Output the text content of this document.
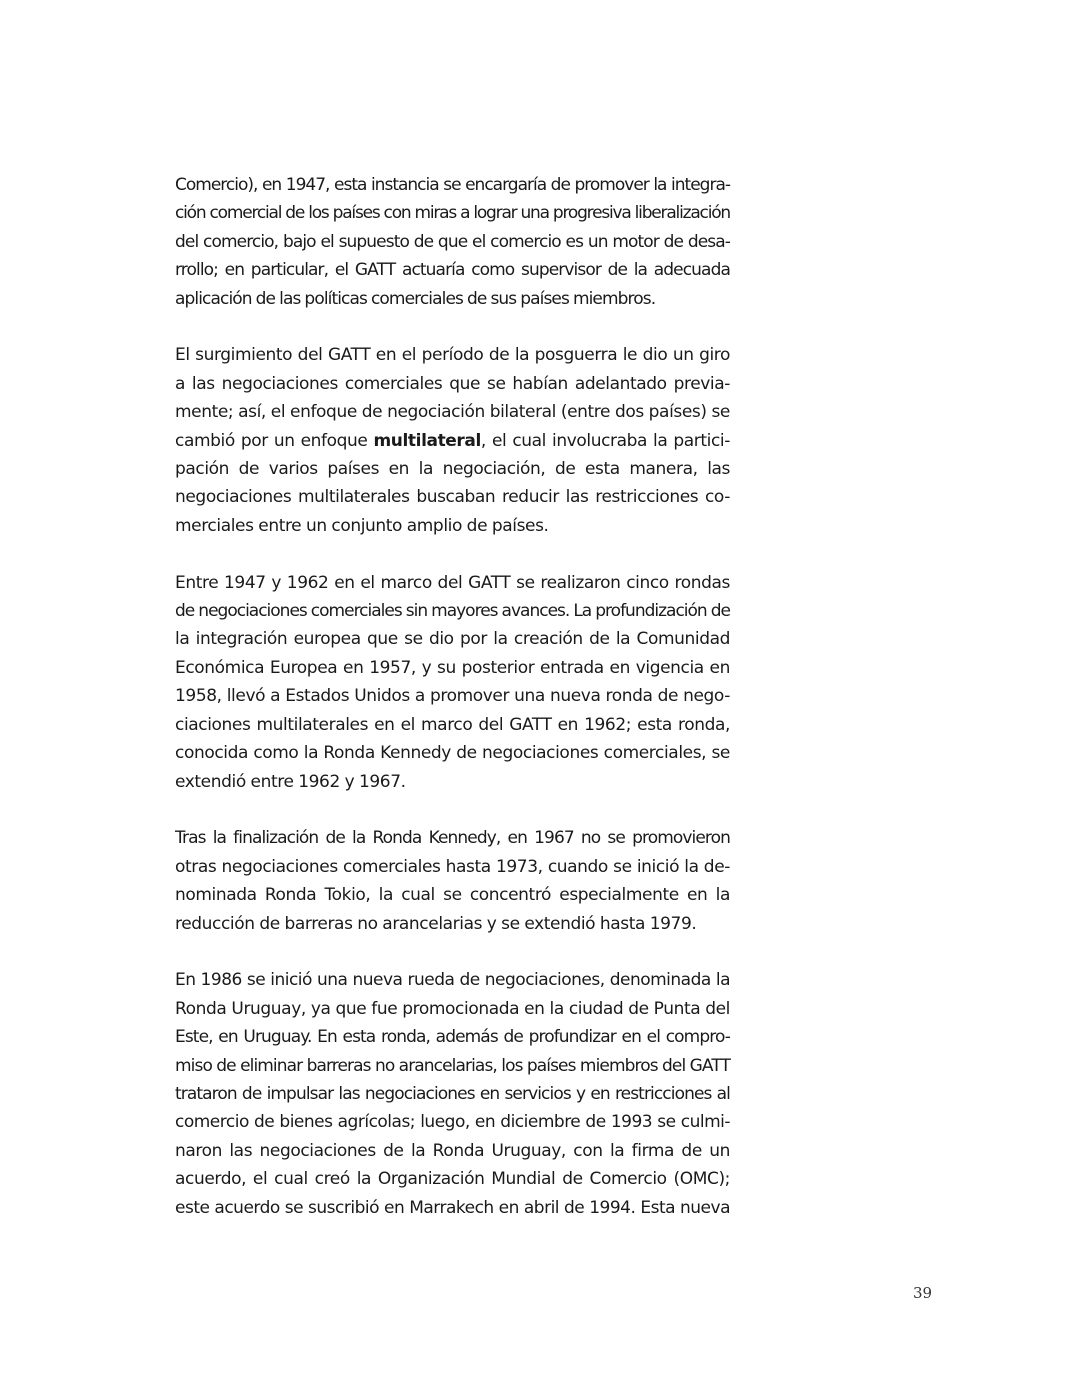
Comercio), en 1947, esta instancia se encargaría de promover la integra-
ción comercial de los países con miras a lograr una progresiva liberalización
del comercio, bajo el supuesto de que el comercio es un motor de desa-
rrollo; en particular, el GATT actuaría como supervisor de la adecuada
aplicación de las políticas comerciales de sus países miembros.

El surgimiento del GATT en el período de la posguerra le dio un giro
a las negociaciones comerciales que se habían adelantado previa-
mente; así, el enfoque de negociación bilateral (entre dos países) se
cambió por un enfoque multilateral, el cual involucraba la partici-
pación de varios países en la negociación, de esta manera, las
negociaciones multilaterales buscaban reducir las restricciones co-
merciales entre un conjunto amplio de países.

Entre 1947 y 1962 en el marco del GATT se realizaron cinco rondas
de negociaciones comerciales sin mayores avances. La profundización de
la integración europea que se dio por la creación de la Comunidad
Económica Europea en 1957, y su posterior entrada en vigencia en
1958, llevó a Estados Unidos a promover una nueva ronda de nego-
ciaciones multilaterales en el marco del GATT en 1962; esta ronda,
conocida como la Ronda Kennedy de negociaciones comerciales, se
extendió entre 1962 y 1967.

Tras la finalización de la Ronda Kennedy, en 1967 no se promovieron
otras negociaciones comerciales hasta 1973, cuando se inició la de-
nominada Ronda Tokio, la cual se concentró especialmente en la
reducción de barreras no arancelarias y se extendió hasta 1979.

En 1986 se inició una nueva rueda de negociaciones, denominada la
Ronda Uruguay, ya que fue promocionada en la ciudad de Punta del
Este, en Uruguay. En esta ronda, además de profundizar en el compro-
miso de eliminar barreras no arancelarias, los países miembros del GATT
trataron de impulsar las negociaciones en servicios y en restricciones al
comercio de bienes agrícolas; luego, en diciembre de 1993 se culmi-
naron las negociaciones de la Ronda Uruguay, con la firma de un
acuerdo, el cual creó la Organización Mundial de Comercio (OMC);
este acuerdo se suscribió en Marrakech en abril de 1994. Esta nueva

39
